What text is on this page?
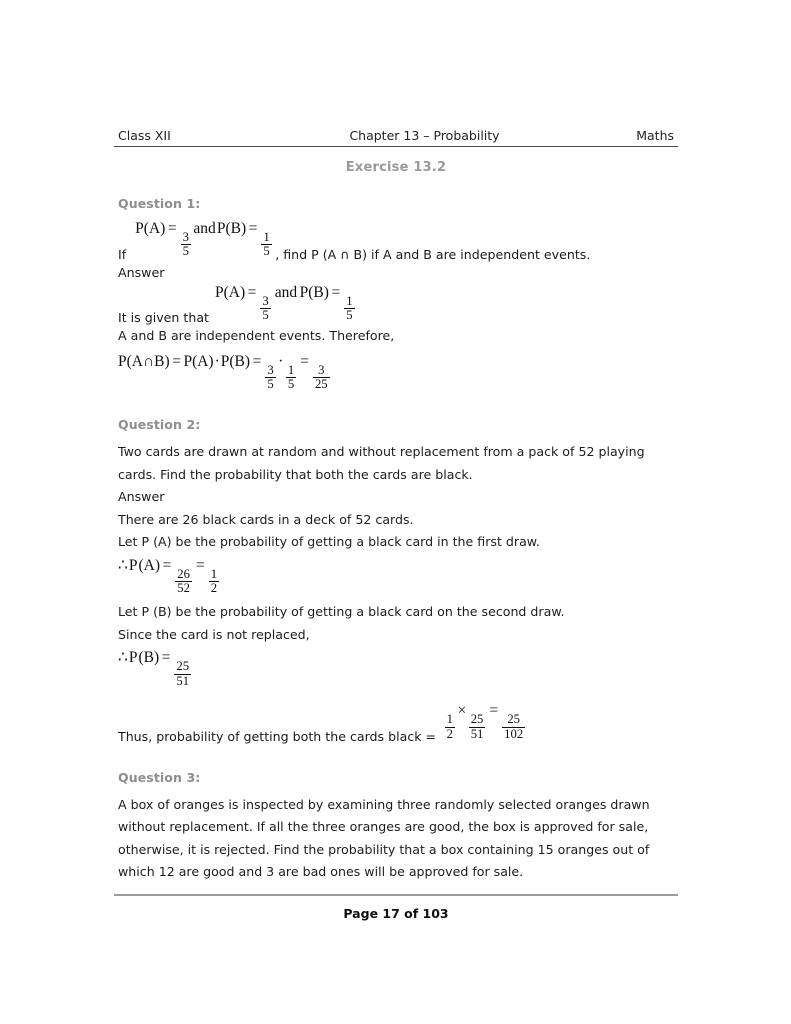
Class XII	Chapter 13 – Probability	Maths
Exercise 13.2
Question 1:
If
P(A) =
$\frac{3}{5}$
andP(B) =
$\frac{1}{5}$ , find P (A ∩ B) if A and B are independent events.
Answer
It is given that
P(A) =
$\frac{3}{5}$
and P(B) =
$\frac{1}{5}$
A and B are independent events. Therefore,
P(A∩B) = P(A)·P(B) =
$\frac{3}{5}$
·
$\frac{1}{5}$
=
$\frac{3}{25}$
Question 2:
Two cards are drawn at random and without replacement from a pack of 52 playing
cards. Find the probability that both the cards are black.
Answer
There are 26 black cards in a deck of 52 cards.
Let P (A) be the probability of getting a black card in the first draw.
∴P(A) =
$\frac{26}{52}$
=
$\frac{1}{2}$
Let P (B) be the probability of getting a black card on the second draw.
Since the card is not replaced,
∴P(B) =
$\frac{25}{51}$
Thus, probability of getting both the cards black = $\frac{1}{2}$
×
$\frac{25}{51}$
=
$\frac{25}{102}$
Question 3:
A box of oranges is inspected by examining three randomly selected oranges drawn
without replacement. If all the three oranges are good, the box is approved for sale,
otherwise, it is rejected. Find the probability that a box containing 15 oranges out of
which 12 are good and 3 are bad ones will be approved for sale.
Page 17 of 103
